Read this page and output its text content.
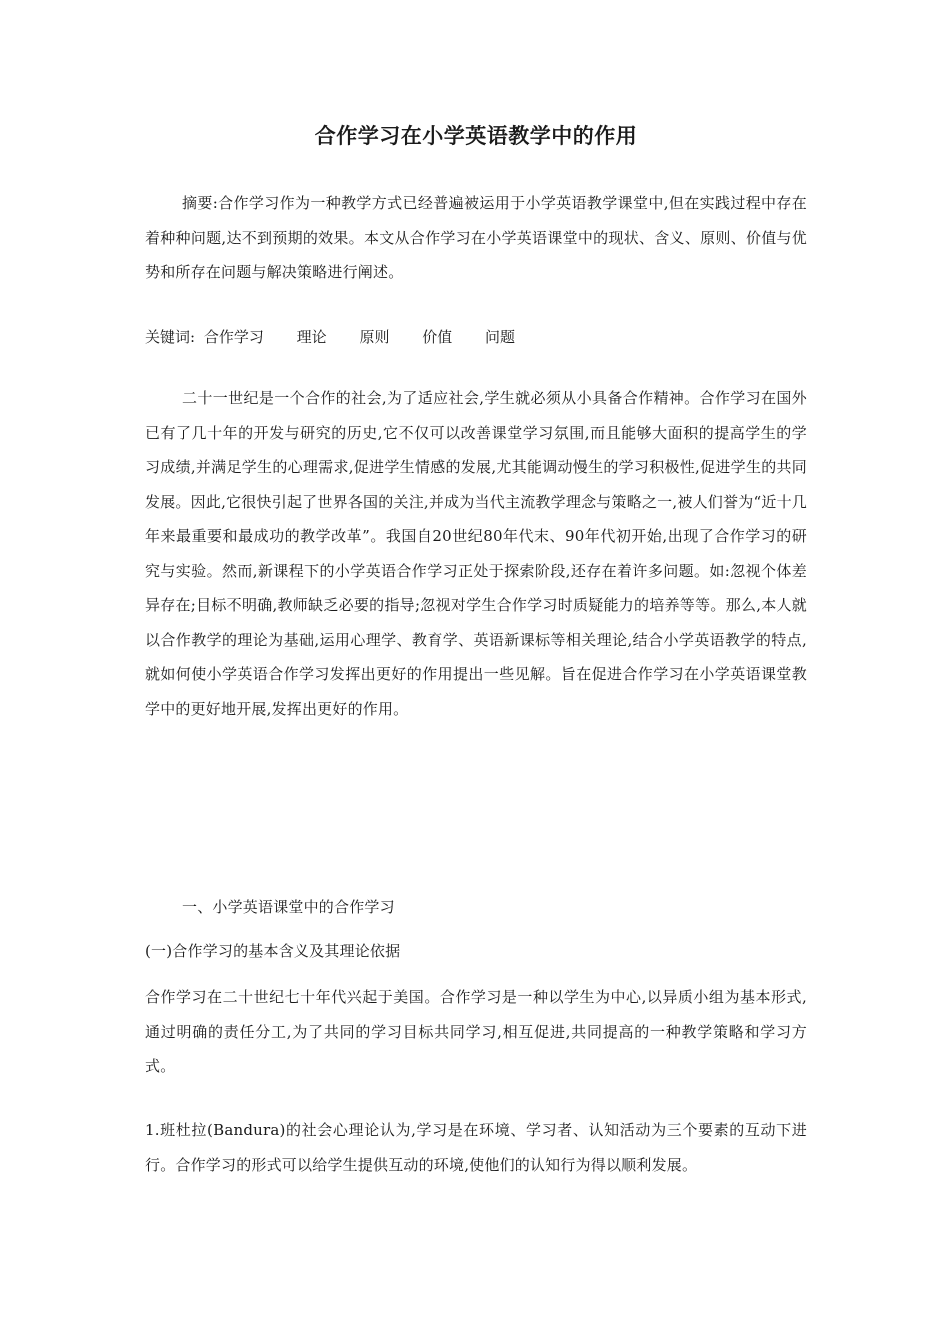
合作学习在小学英语教学中的作用

摘要:合作学习作为一种教学方式已经普遍被运用于小学英语教学课堂中,但在实践过程中存在着种种问题,达不到预期的效果。本文从合作学习在小学英语课堂中的现状、含义、原则、价值与优势和所存在问题与解决策略进行阐述。

关键词: 合作学习 理论 原则 价值 问题

二十一世纪是一个合作的社会,为了适应社会,学生就必须从小具备合作精神。合作学习在国外已有了几十年的开发与研究的历史,它不仅可以改善课堂学习氛围,而且能够大面积的提高学生的学习成绩,并满足学生的心理需求,促进学生情感的发展,尤其能调动慢生的学习积极性,促进学生的共同发展。因此,它很快引起了世界各国的关注,并成为当代主流教学理念与策略之一,被人们誉为“近十几年来最重要和最成功的教学改革”。我国自20世纪80年代末、90年代初开始,出现了合作学习的研究与实验。然而,新课程下的小学英语合作学习正处于探索阶段,还存在着许多问题。如:忽视个体差异存在;目标不明确,教师缺乏必要的指导;忽视对学生合作学习时质疑能力的培养等等。那么,本人就以合作教学的理论为基础,运用心理学、教育学、英语新课标等相关理论,结合小学英语教学的特点,就如何使小学英语合作学习发挥出更好的作用提出一些见解。旨在促进合作学习在小学英语课堂教学中的更好地开展,发挥出更好的作用。

一、小学英语课堂中的合作学习

(一)合作学习的基本含义及其理论依据

合作学习在二十世纪七十年代兴起于美国。合作学习是一种以学生为中心,以异质小组为基本形式,通过明确的责任分工,为了共同的学习目标共同学习,相互促进,共同提高的一种教学策略和学习方式。

1.班杜拉(Bandura)的社会心理论认为,学习是在环境、学习者、认知活动为三个要素的互动下进行。合作学习的形式可以给学生提供互动的环境,使他们的认知行为得以顺利发展。
